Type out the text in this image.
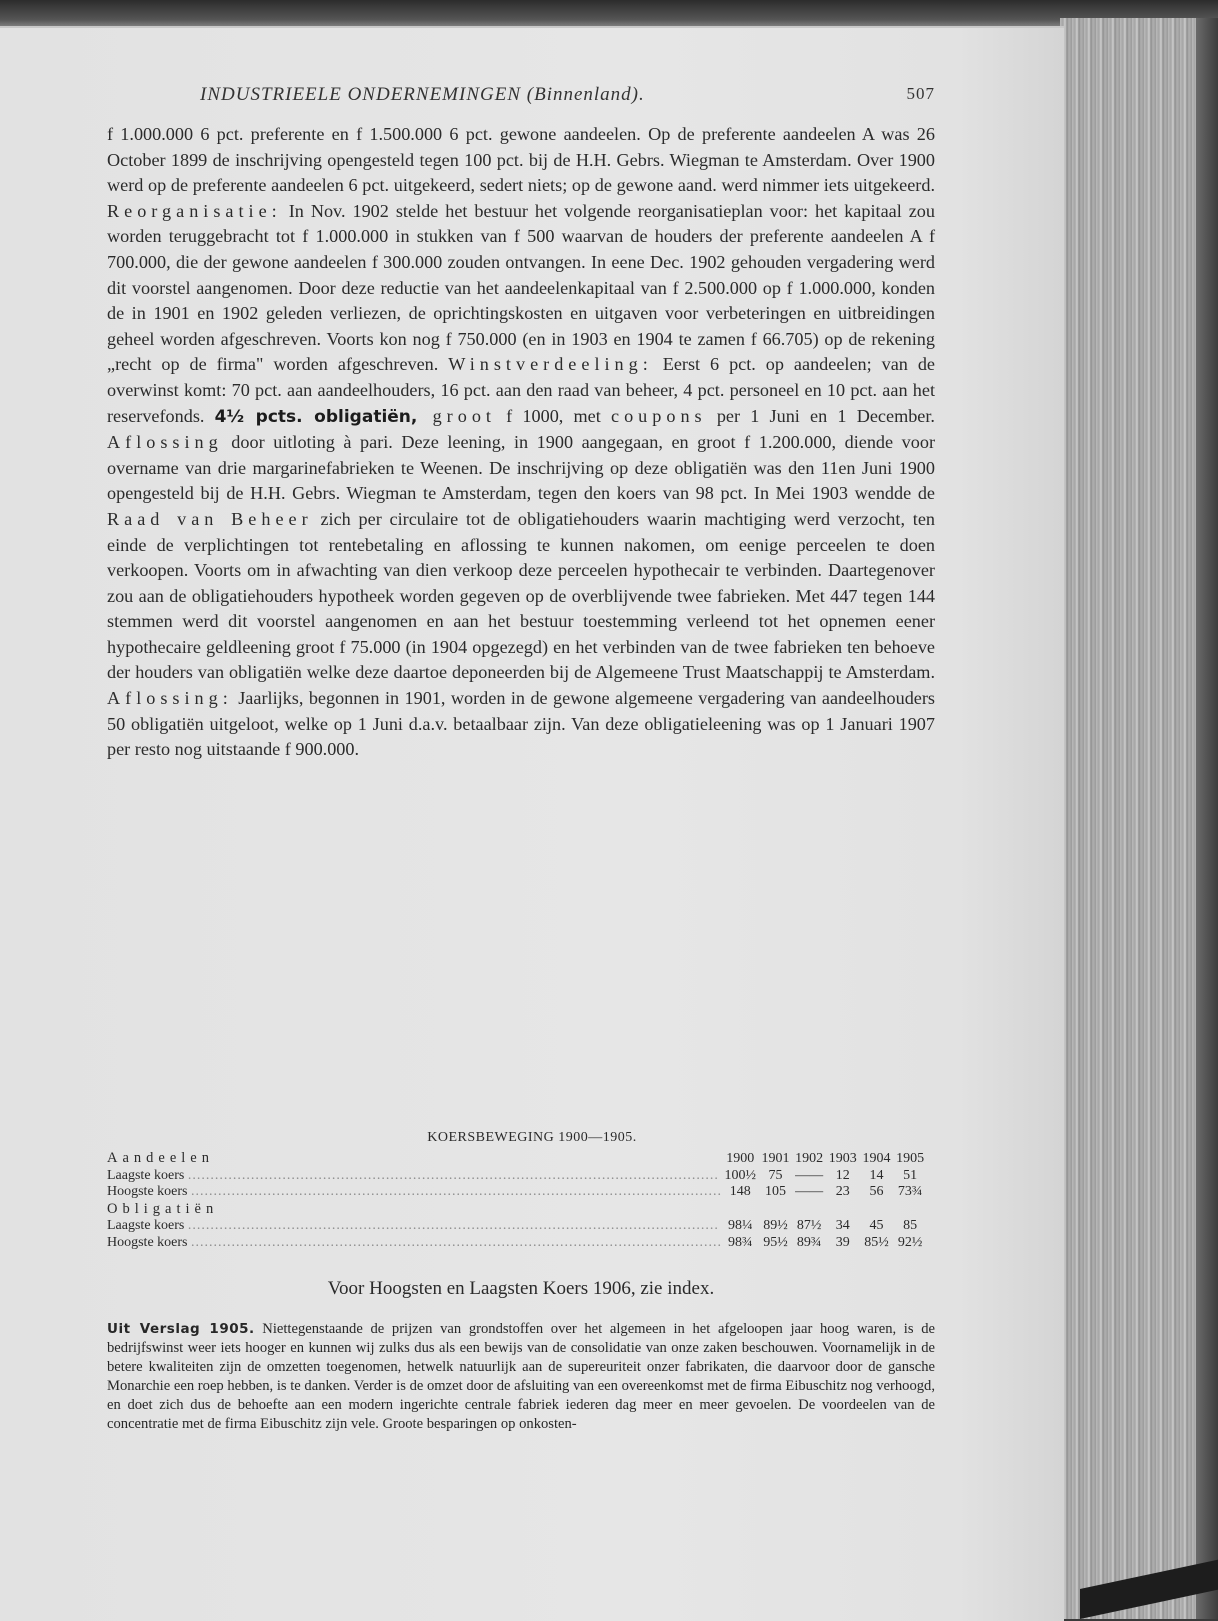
INDUSTRIEELE ONDERNEMINGEN (Binnenland).	507

f 1.000.000 6 pct. preferente en f 1.500.000 6 pct. gewone aandeelen. Op de preferente aandeelen A was 26 October 1899 de inschrijving opengesteld tegen 100 pct. bij de H.H. Gebrs. Wiegman te Amsterdam. Over 1900 werd op de preferente aandeelen 6 pct. uitgekeerd, sedert niets; op de gewone aand. werd nimmer iets uitgekeerd. Reorganisatie: In Nov. 1902 stelde het bestuur het volgende reorganisatieplan voor: het kapitaal zou worden teruggebracht tot f 1.000.000 in stukken van f 500 waarvan de houders der preferente aandeelen A f 700.000, die der gewone aandeelen f 300.000 zouden ontvangen. In eene Dec. 1902 gehouden vergadering werd dit voorstel aangenomen. Door deze reductie van het aandeelenkapitaal van f 2.500.000 op f 1.000.000, konden de in 1901 en 1902 geleden verliezen, de oprichtingskosten en uitgaven voor verbeteringen en uitbreidingen geheel worden afgeschreven. Voorts kon nog f 750.000 (en in 1903 en 1904 te zamen f 66.705) op de rekening „recht op de firma" worden afgeschreven. Winstverdeeling: Eerst 6 pct. op aandeelen; van de overwinst komt: 70 pct. aan aandeelhouders, 16 pct. aan den raad van beheer, 4 pct. personeel en 10 pct. aan het reservefonds. 4½ pcts. obligatiën, groot f 1000, met coupons per 1 Juni en 1 December. Aflossing door uitloting à pari. Deze leening, in 1900 aangegaan, en groot f 1.200.000, diende voor overname van drie margarinefabrieken te Weenen. De inschrijving op deze obligatiën was den 11en Juni 1900 opengesteld bij de H.H. Gebrs. Wiegman te Amsterdam, tegen den koers van 98 pct. In Mei 1903 wendde de Raad van Beheer zich per circulaire tot de obligatiehouders waarin machtiging werd verzocht, ten einde de verplichtingen tot rentebetaling en aflossing te kunnen nakomen, om eenige perceelen te doen verkoopen. Voorts om in afwachting van dien verkoop deze perceelen hypothecair te verbinden. Daartegenover zou aan de obligatiehouders hypotheek worden gegeven op de overblijvende twee fabrieken. Met 447 tegen 144 stemmen werd dit voorstel aangenomen en aan het bestuur toestemming verleend tot het opnemen eener hypothecaire geldleening groot f 75.000 (in 1904 opgezegd) en het verbinden van de twee fabrieken ten behoeve der houders van obligatiën welke deze daartoe deponeerden bij de Algemeene Trust Maatschappij te Amsterdam. Aflossing: Jaarlijks, begonnen in 1901, worden in de gewone algemeene vergadering van aandeelhouders 50 obligatiën uitgeloot, welke op 1 Juni d.a.v. betaalbaar zijn. Van deze obligatieleening was op 1 Januari 1907 per resto nog uitstaande f 900.000.

KOERSBEWEGING 1900—1905.
Aandeelen	1900	1901	1902	1903	1904	1905
Laagste koers ......................................................................................................................	100½	75	——	12	14	51
Hoogste koers ......................................................................................................................	148	105	——	23	56	73¾
Obligatiën						
Laagste koers ......................................................................................................................	98¼	89½	87½	34	45	85
Hoogste koers ......................................................................................................................	98¾	95½	89¾	39	85½	92½
Voor Hoogsten en Laagsten Koers 1906, zie index.
Uit Verslag 1905. Niettegenstaande de prijzen van grondstoffen over het algemeen in het afgeloopen jaar hoog waren, is de bedrijfswinst weer iets hooger en kunnen wij zulks dus als een bewijs van de consolidatie van onze zaken beschouwen. Voornamelijk in de betere kwaliteiten zijn de omzetten toegenomen, hetwelk natuurlijk aan de supereuriteit onzer fabrikaten, die daarvoor door de gansche Monarchie een roep hebben, is te danken. Verder is de omzet door de afsluiting van een overeenkomst met de firma Eibuschitz nog verhoogd, en doet zich dus de behoefte aan een modern ingerichte centrale fabriek iederen dag meer en meer gevoelen. De voordeelen van de concentratie met de firma Eibuschitz zijn vele. Groote besparingen op onkosten-
